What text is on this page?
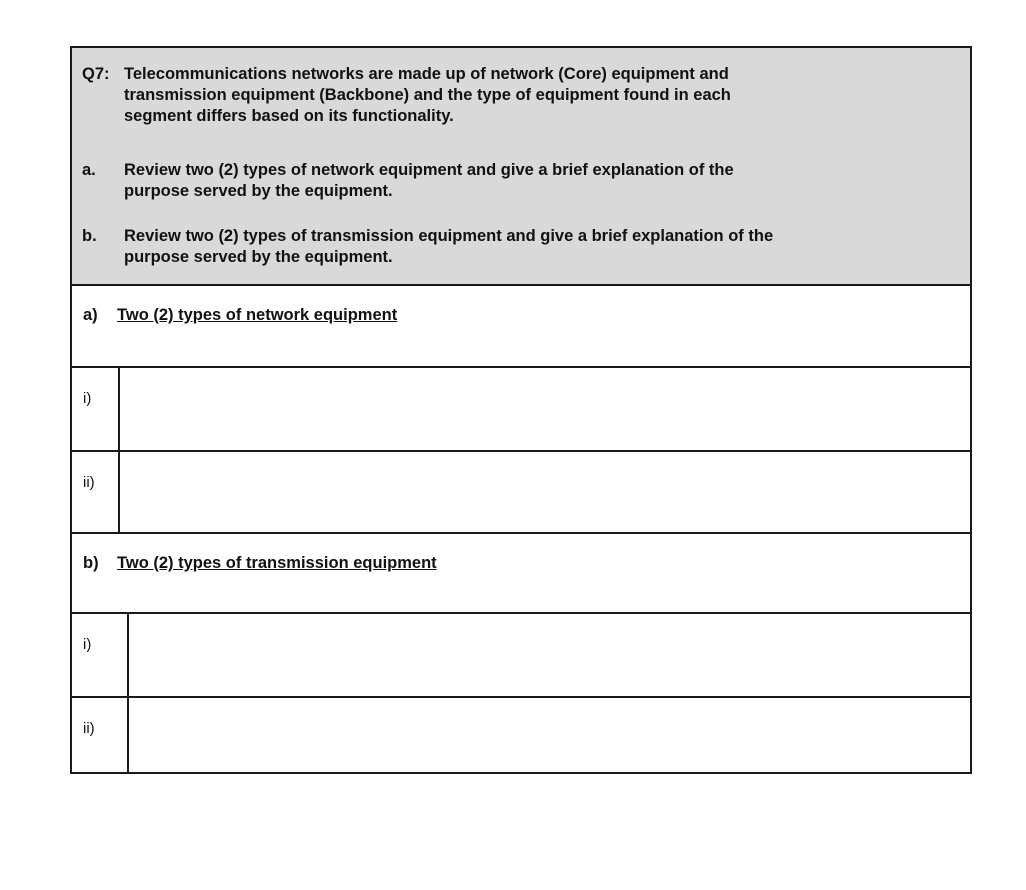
Q7: Telecommunications networks are made up of network (Core) equipment and
transmission equipment (Backbone) and the type of equipment found in each
segment differs based on its functionality.
a. Review two (2) types of network equipment and give a brief explanation of the
purpose served by the equipment.
b. Review two (2) types of transmission equipment and give a brief explanation of the
purpose served by the equipment.
a) Two (2) types of network equipment
i)
ii)
b) Two (2) types of transmission equipment
i)
ii)
